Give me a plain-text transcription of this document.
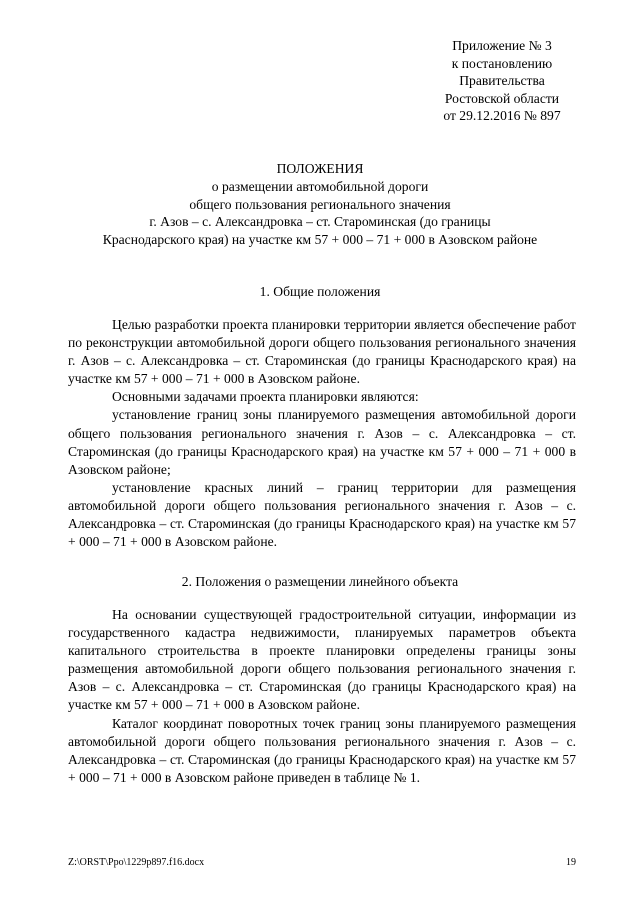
Приложение № 3
к постановлению
Правительства
Ростовской области
от 29.12.2016 № 897
ПОЛОЖЕНИЯ
о размещении автомобильной дороги
общего пользования регионального значения
г. Азов – с. Александровка – ст. Староминская (до границы
Краснодарского края) на участке км 57 + 000 – 71 + 000 в Азовском районе
1. Общие положения

Целью разработки проекта планировки территории является обеспечение работ по реконструкции автомобильной дороги общего пользования регионального значения г. Азов – с. Александровка – ст. Староминская (до границы Краснодарского края) на участке км 57 + 000 – 71 + 000 в Азовском районе.

Основными задачами проекта планировки являются:

установление границ зоны планируемого размещения автомобильной дороги общего пользования регионального значения г. Азов – с. Александровка – ст. Староминская (до границы Краснодарского края) на участке км 57 + 000 – 71 + 000 в Азовском районе;

установление красных линий – границ территории для размещения автомобильной дороги общего пользования регионального значения г. Азов – с. Александровка – ст. Староминская (до границы Краснодарского края) на участке км 57 + 000 – 71 + 000 в Азовском районе.

2. Положения о размещении линейного объекта

На основании существующей градостроительной ситуации, информации из государственного кадастра недвижимости, планируемых параметров объекта капитального строительства в проекте планировки определены границы зоны размещения автомобильной дороги общего пользования регионального значения г. Азов – с. Александровка – ст. Староминская (до границы Краснодарского края) на участке км 57 + 000 – 71 + 000 в Азовском районе.

Каталог координат поворотных точек границ зоны планируемого размещения автомобильной дороги общего пользования регионального значения г. Азов – с. Александровка – ст. Староминская (до границы Краснодарского края) на участке км 57 + 000 – 71 + 000 в Азовском районе приведен в таблице № 1.

Z:\ORST\Ppo\1229p897.f16.docx	19
